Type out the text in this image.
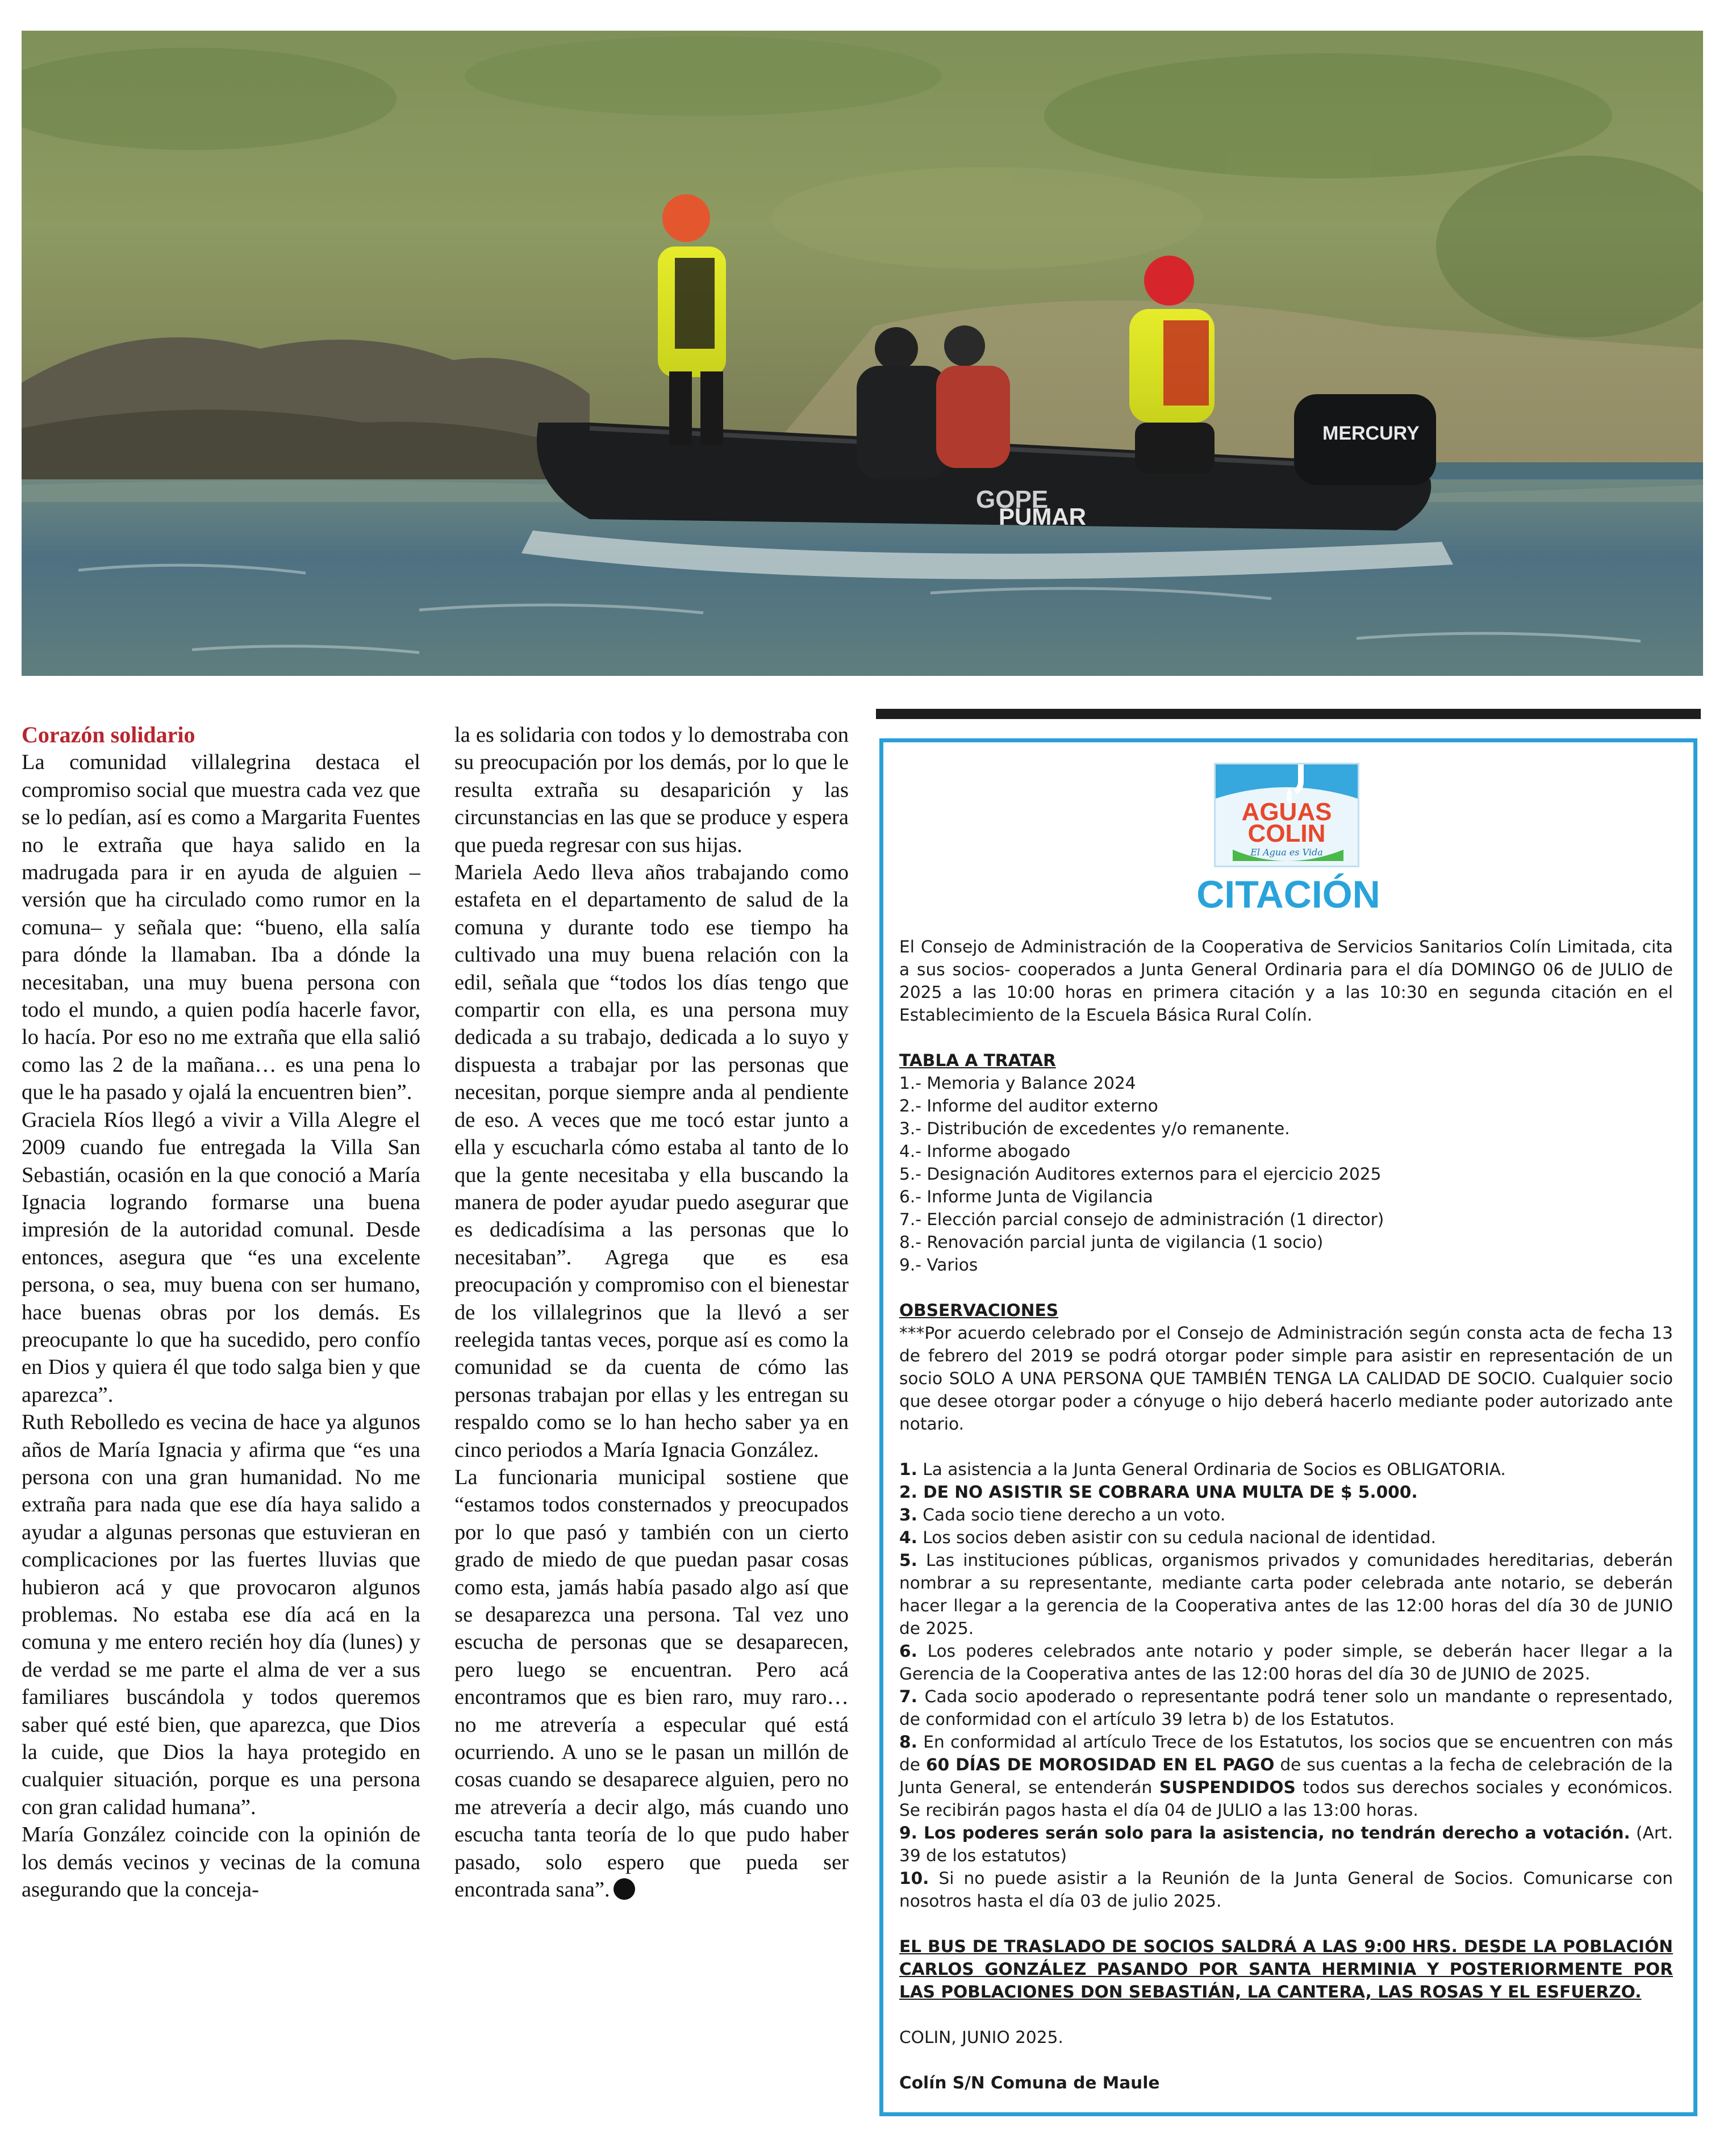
PUMAR
GOPE
MERCURY

Corazón solidario

La comunidad villalegrina destaca el compromiso social que muestra cada vez que se lo pedían, así es como a Margarita Fuentes no le extraña que haya salido en la madrugada para ir en ayuda de alguien –versión que ha circulado como rumor en la comuna– y señala que: “bueno, ella salía para dónde la llamaban. Iba a dónde la necesitaban, una muy buena persona con todo el mundo, a quien podía hacerle favor, lo hacía. Por eso no me extraña que ella salió como las 2 de la mañana… es una pena lo que le ha pasado y ojalá la encuentren bien”.

Graciela Ríos llegó a vivir a Villa Alegre el 2009 cuando fue entregada la Villa San Sebastián, ocasión en la que conoció a María Ignacia logrando formarse una buena impresión de la autoridad comunal. Desde entonces, asegura que “es una excelente persona, o sea, muy buena con ser humano, hace buenas obras por los demás. Es preocupante lo que ha sucedido, pero confío en Dios y quiera él que todo salga bien y que aparezca”.

Ruth Rebolledo es vecina de hace ya algunos años de María Ignacia y afirma que “es una persona con una gran humanidad. No me extraña para nada que ese día haya salido a ayudar a algunas personas que estuvieran en complicaciones por las fuertes lluvias que hubieron acá y que provocaron algunos problemas. No estaba ese día acá en la comuna y me entero recién hoy día (lunes) y de verdad se me parte el alma de ver a sus familiares buscándola y todos queremos saber qué esté bien, que aparezca, que Dios la cuide, que Dios la haya protegido en cualquier situación, porque es una persona con gran calidad humana”.

María González coincide con la opinión de los demás vecinos y vecinas de la comuna asegurando que la conceja-

la es solidaria con todos y lo demostraba con su preocupación por los demás, por lo que le resulta extraña su desaparición y las circunstancias en las que se produce y espera que pueda regresar con sus hijas.

Mariela Aedo lleva años trabajando como estafeta en el departamento de salud de la comuna y durante todo ese tiempo ha cultivado una muy buena relación con la edil, señala que “todos los días tengo que compartir con ella, es una persona muy dedicada a su trabajo, dedicada a lo suyo y dispuesta a trabajar por las personas que necesitan, porque siempre anda al pendiente de eso. A veces que me tocó estar junto a ella y escucharla cómo estaba al tanto de lo que la gente necesitaba y ella buscando la manera de poder ayudar puedo asegurar que es dedicadísima a las personas que lo necesitaban”. Agrega que es esa preocupación y compromiso con el bienestar de los villalegrinos que la llevó a ser reelegida tantas veces, porque así es como la comunidad se da cuenta de cómo las personas trabajan por ellas y les entregan su respaldo como se lo han hecho saber ya en cinco periodos a María Ignacia González.

La funcionaria municipal sostiene que “estamos todos consternados y preocupados por lo que pasó y también con un cierto grado de miedo de que puedan pasar cosas como esta, jamás había pasado algo así que se desaparezca una persona. Tal vez uno escucha de personas que se desaparecen, pero luego se encuentran. Pero acá encontramos que es bien raro, muy raro… no me atrevería a especular qué está ocurriendo. A uno se le pasan un millón de cosas cuando se desaparece alguien, pero no me atrevería a decir algo, más cuando uno escucha tanta teoría de lo que pudo haber pasado, solo espero que pueda ser encontrada sana”.

AGUAS
COLIN
El Agua es Vida
CITACIÓN

El Consejo de Administración de la Cooperativa de Servicios Sanitarios Colín Limitada, cita a sus socios- cooperados a Junta General Ordinaria para el día DOMINGO 06 de JULIO de 2025 a las 10:00 horas en primera citación y a las 10:30 en segunda citación en el Establecimiento de la Escuela Básica Rural Colín.

TABLA A TRATAR

1.- Memoria y Balance 2024

2.- Informe del auditor externo

3.- Distribución de excedentes y/o remanente.

4.- Informe abogado

5.- Designación Auditores externos para el ejercicio 2025

6.- Informe Junta de Vigilancia

7.- Elección parcial consejo de administración (1 director)

8.- Renovación parcial junta de vigilancia (1 socio)

9.- Varios

OBSERVACIONES

***Por acuerdo celebrado por el Consejo de Administración según consta acta de fecha 13 de febrero del 2019 se podrá otorgar poder simple para asistir en representación de un socio SOLO A UNA PERSONA QUE TAMBIÉN TENGA LA CALIDAD DE SOCIO. Cualquier socio que desee otorgar poder a cónyuge o hijo deberá hacerlo mediante poder autorizado ante notario.

1. La asistencia a la Junta General Ordinaria de Socios es OBLIGATORIA.

2. DE NO ASISTIR SE COBRARA UNA MULTA DE $ 5.000.

3. Cada socio tiene derecho a un voto.

4. Los socios deben asistir con su cedula nacional de identidad.

5. Las instituciones públicas, organismos privados y comunidades hereditarias, deberán nombrar a su representante, mediante carta poder celebrada ante notario, se deberán hacer llegar a la gerencia de la Cooperativa antes de las 12:00 horas del día 30 de JUNIO de 2025.

6. Los poderes celebrados ante notario y poder simple, se deberán hacer llegar a la Gerencia de la Cooperativa antes de las 12:00 horas del día 30 de JUNIO de 2025.

7. Cada socio apoderado o representante podrá tener solo un mandante o representado, de conformidad con el artículo 39 letra b) de los Estatutos.

8. En conformidad al artículo Trece de los Estatutos, los socios que se encuentren con más de 60 DÍAS DE MOROSIDAD EN EL PAGO de sus cuentas a la fecha de celebración de la Junta General, se entenderán SUSPENDIDOS todos sus derechos sociales y económicos. Se recibirán pagos hasta el día 04 de JULIO a las 13:00 horas.

9. Los poderes serán solo para la asistencia, no tendrán derecho a votación. (Art. 39 de los estatutos)

10. Si no puede asistir a la Reunión de la Junta General de Socios. Comunicarse con nosotros hasta el día 03 de julio 2025.

EL BUS DE TRASLADO DE SOCIOS SALDRÁ A LAS 9:00 HRS. DESDE LA POBLACIÓN CARLOS GONZÁLEZ PASANDO POR SANTA HERMINIA Y POSTERIORMENTE POR LAS POBLACIONES DON SEBASTIÁN, LA CANTERA, LAS ROSAS Y EL ESFUERZO.

COLIN, JUNIO 2025.

Colín S/N Comuna de Maule
